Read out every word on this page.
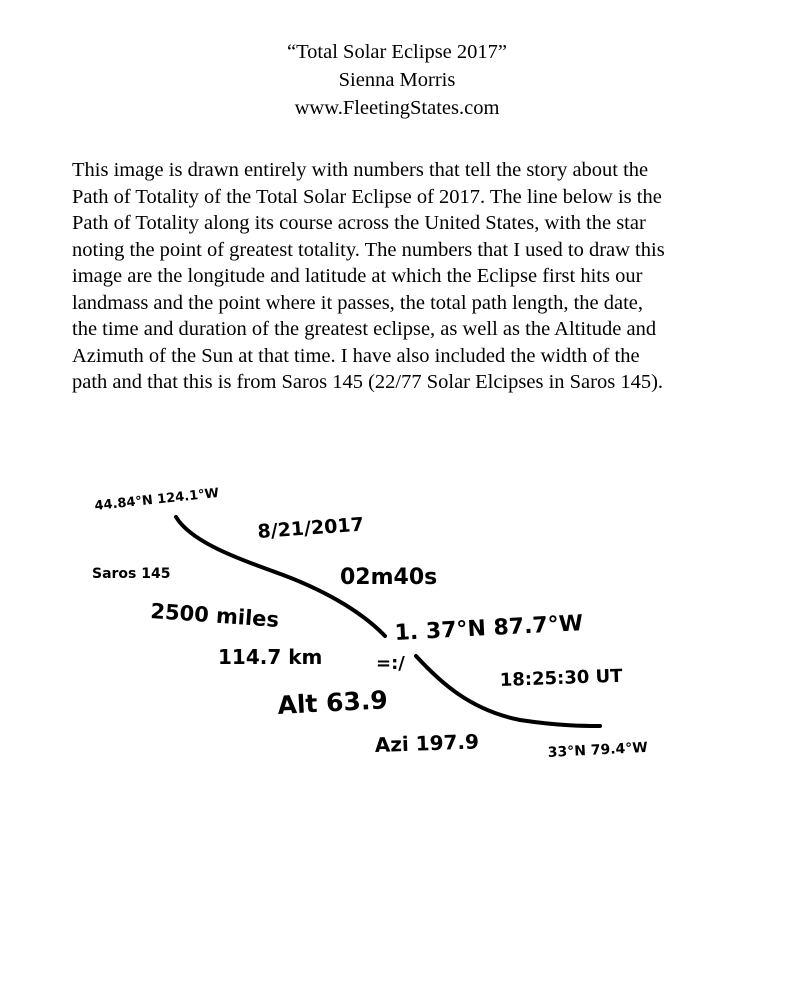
“Total Solar Eclipse 2017”
Sienna Morris
www.FleetingStates.com
This image is drawn entirely with numbers that tell the story about the
Path of Totality of the Total Solar Eclipse of 2017. The line below is the
Path of Totality along its course across the United States, with the star
noting the point of greatest totality. The numbers that I used to draw this
image are the longitude and latitude at which the Eclipse first hits our
landmass and the point where it passes, the total path length, the date,
the time and duration of the greatest eclipse, as well as the Altitude and
Azimuth of the Sun at that time. I have also included the width of the
path and that this is from Saros 145 (22/77 Solar Elcipses in Saros 145).
44.84°N 124.1°W
8/21/2017
Saros 145	02m40s
2500 miles	1. 37°N 87.7°W
=:/
114.7 km
18:25:30 UT
Alt 63.9
Azi 197.9	33°N 79.4°W
